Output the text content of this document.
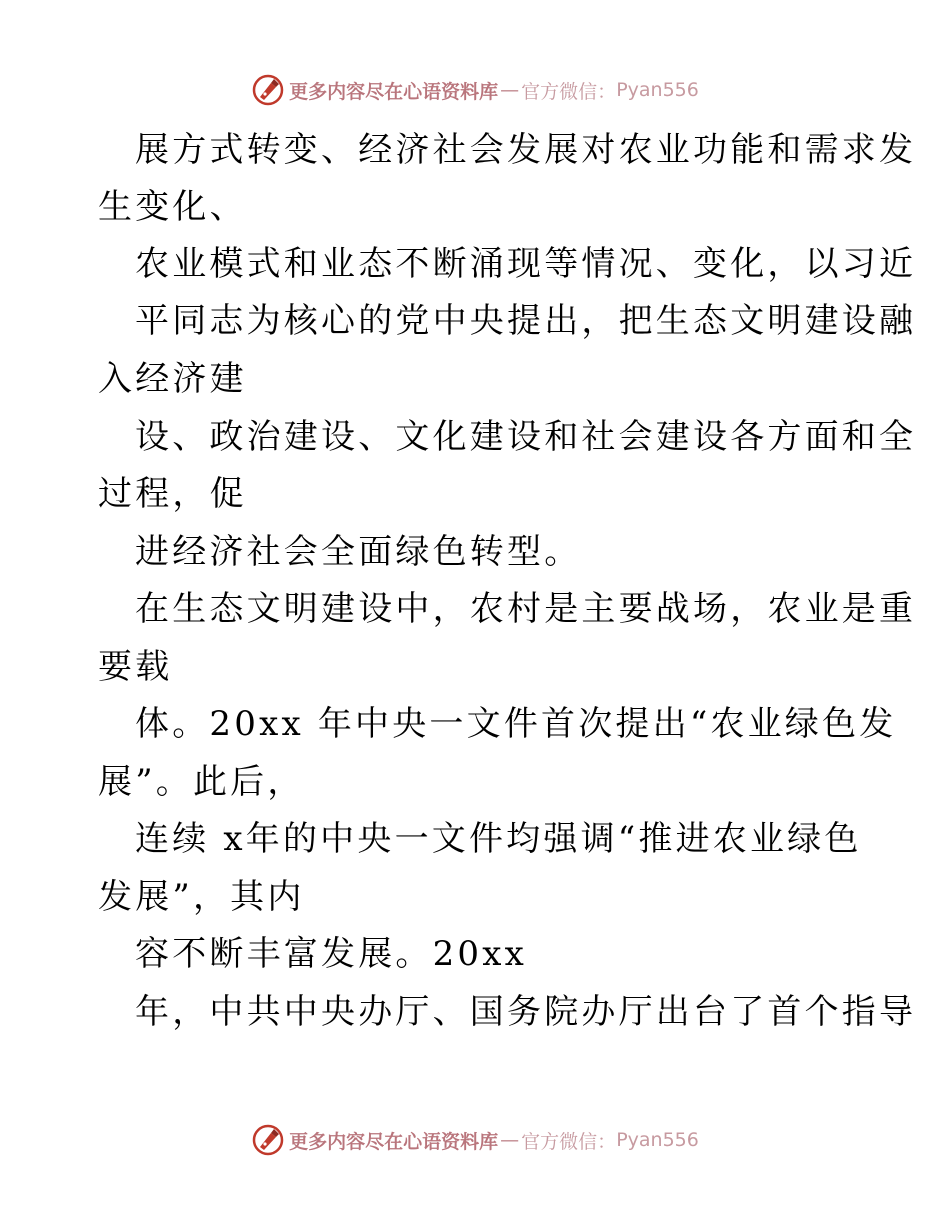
更多内容尽在心语资料库 — 官方微信： Pyan556
展方式转变、经济社会发展对农业功能和需求发
生变化、
农业模式和业态不断涌现等情况、变化，以习近
平同志为核心的党中央提出，把生态文明建设融
入经济建
设、政治建设、文化建设和社会建设各方面和全
过程，促
进经济社会全面绿色转型。
在生态文明建设中，农村是主要战场，农业是重
要载
体。20xx 年中央一文件首次提出“农业绿色发
展”。此后，
连续 x年的中央一文件均强调“推进农业绿色
发展”，其内
容不断丰富发展。20xx
年，中共中央办厅、国务院办厅出台了首个指导
更多内容尽在心语资料库 — 官方微信： Pyan556
